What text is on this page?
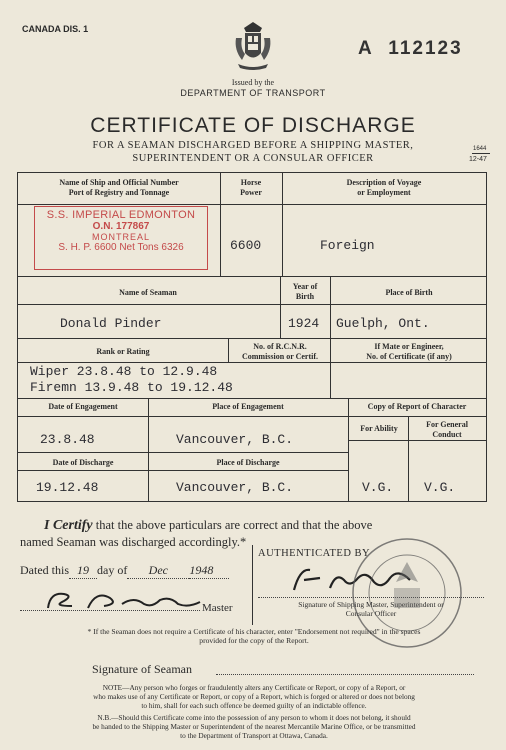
CANADA DIS. 1
A 112123
Issued by the
DEPARTMENT OF TRANSPORT
CERTIFICATE OF DISCHARGE
FOR A SEAMAN DISCHARGED BEFORE A SHIPPING MASTER,
SUPERINTENDENT OR A CONSULAR OFFICER
1644
12-47
Name of Ship and Official Number
Port of Registry and Tonnage
Horse
Power
Description of Voyage
or Employment
S.S. IMPERIAL EDMONTON
O.N. 177867
MONTREAL
S. H. P. 6600 Net Tons 6326	6600	Foreign
Name of Seaman
Year of
Birth	Place of Birth
Donald Pinder	1924 Guelph, Ont.
Rank or Rating
No. of R.C.N.R.
Commission or Certif.
If Mate or Engineer,
No. of Certificate (if any)
Wiper 23.8.48 to 12.9.48
Firemn 13.9.48 to 19.12.48
Date of Engagement	Place of Engagement	Copy of Report of Character
For Ability	For General
Conduct
23.8.48	Vancouver, B.C.
Date of Discharge	Place of Discharge
19.12.48	Vancouver, B.C.	V.G. V.G.
I Certify that the above particulars are correct and that the above
named Seaman was discharged accordingly.*
Dated this 19 day of Dec 1948
Master
AUTHENTICATED BY
Signature of Shipping Master, Superintendent or
Consular Officer
* If the Seaman does not require a Certificate of his character, enter "Endorsement not required" in the spaces
provided for the copy of the Report.
Signature of Seaman
NOTE—Any person who forges or fraudulently alters any Certificate or Report, or copy of a Report, or
who makes use of any Certificate or Report, or copy of a Report, which is forged or altered or does not belong
to him, shall for each such offence be deemed guilty of an indictable offence.
N.B.—Should this Certificate come into the possession of any person to whom it does not belong, it should
be handed to the Shipping Master or Superintendent of the nearest Mercantile Marine Office, or be transmitted
to the Department of Transport at Ottawa, Canada.
